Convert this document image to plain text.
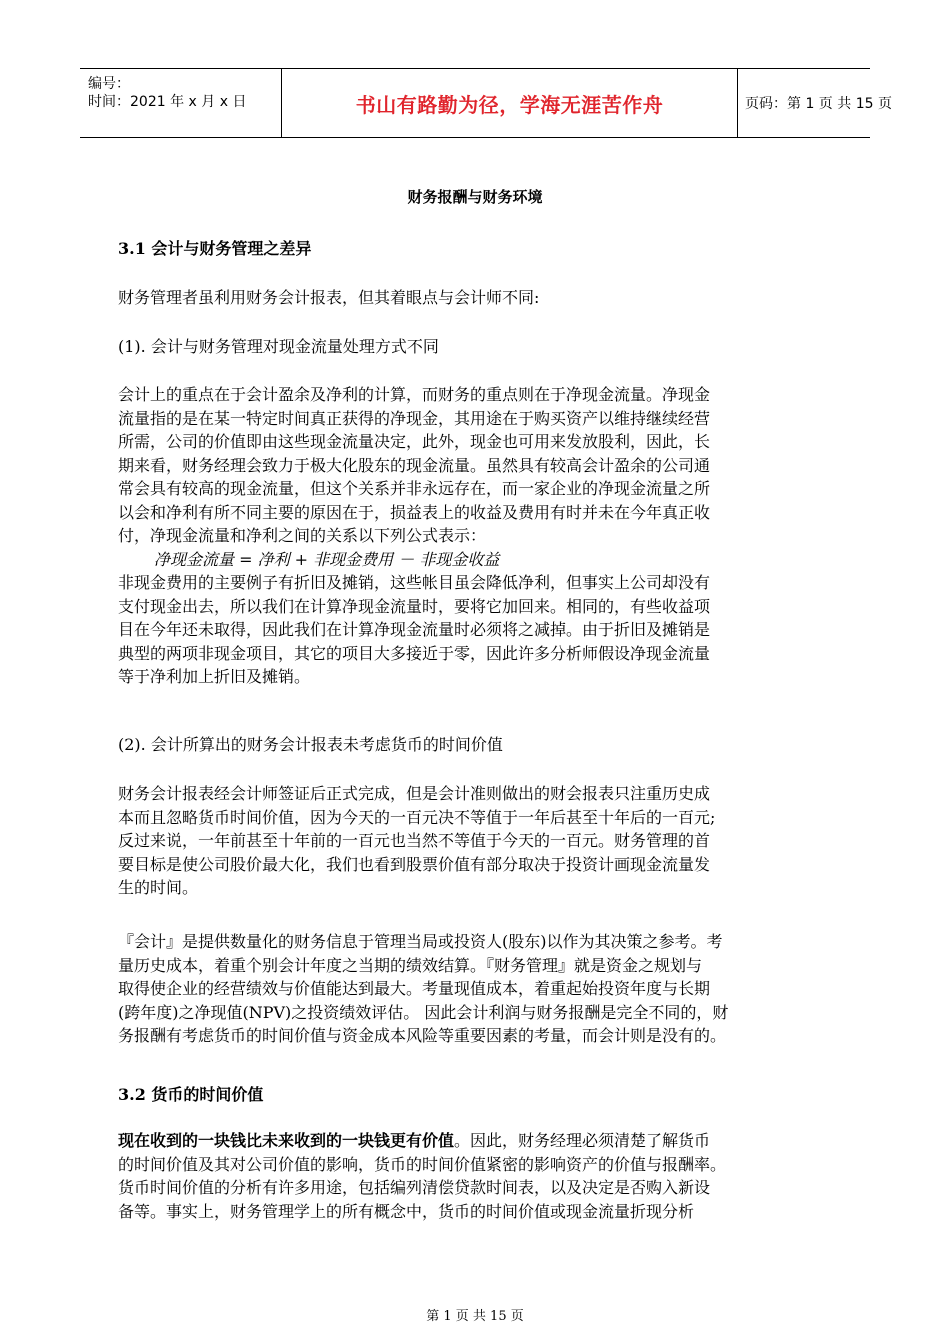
编号：
时间：2021 年 x 月 x 日	书山有路勤为径，学海无涯苦作舟	页码：第 1 页 共 15 页
财务报酬与财务环境
3.1 会计与财务管理之差异
财务管理者虽利用财务会计报表，但其着眼点与会计师不同:
(1). 会计与财务管理对现金流量处理方式不同
会计上的重点在于会计盈余及净利的计算，而财务的重点则在于净现金流量。净现金
流量指的是在某一特定时间真正获得的净现金，其用途在于购买资产以维持继续经营
所需，公司的价值即由这些现金流量决定，此外，现金也可用来发放股利，因此，长
期来看，财务经理会致力于极大化股东的现金流量。虽然具有较高会计盈余的公司通
常会具有较高的现金流量，但这个关系并非永远存在，而一家企业的净现金流量之所
以会和净利有所不同主要的原因在于，损益表上的收益及费用有时并未在今年真正收
付，净现金流量和净利之间的关系以下列公式表示：
净现金流量 = 净利 + 非现金费用 － 非现金收益
非现金费用的主要例子有折旧及摊销，这些帐目虽会降低净利，但事实上公司却没有
支付现金出去，所以我们在计算净现金流量时，要将它加回来。相同的，有些收益项
目在今年还未取得，因此我们在计算净现金流量时必须将之减掉。由于折旧及摊销是
典型的两项非现金项目，其它的项目大多接近于零，因此许多分析师假设净现金流量
等于净利加上折旧及摊销。
(2). 会计所算出的财务会计报表未考虑货币的时间价值
财务会计报表经会计师签证后正式完成，但是会计准则做出的财会报表只注重历史成
本而且忽略货币时间价值，因为今天的一百元决不等值于一年后甚至十年后的一百元;
反过来说，一年前甚至十年前的一百元也当然不等值于今天的一百元。财务管理的首
要目标是使公司股价最大化，我们也看到股票价值有部分取决于投资计画现金流量发
生的时间。
『会计』是提供数量化的财务信息于管理当局或投资人(股东)以作为其决策之参考。考
量历史成本，着重个别会计年度之当期的绩效结算。『财务管理』就是资金之规划与
取得使企业的经营绩效与价值能达到最大。考量现值成本，着重起始投资年度与长期
(跨年度)之净现值(NPV)之投资绩效评估。 因此会计利润与财务报酬是完全不同的，财
务报酬有考虑货币的时间价值与资金成本风险等重要因素的考量，而会计则是没有的。
3.2 货币的时间价值
现在收到的一块钱比未来收到的一块钱更有价值。因此，财务经理必须清楚了解货币
的时间价值及其对公司价值的影响，货币的时间价值紧密的影响资产的价值与报酬率。
货币时间价值的分析有许多用途，包括编列清偿贷款时间表，以及决定是否购入新设
备等。事实上，财务管理学上的所有概念中，货币的时间价值或现金流量折现分析
第 1 页 共 15 页
